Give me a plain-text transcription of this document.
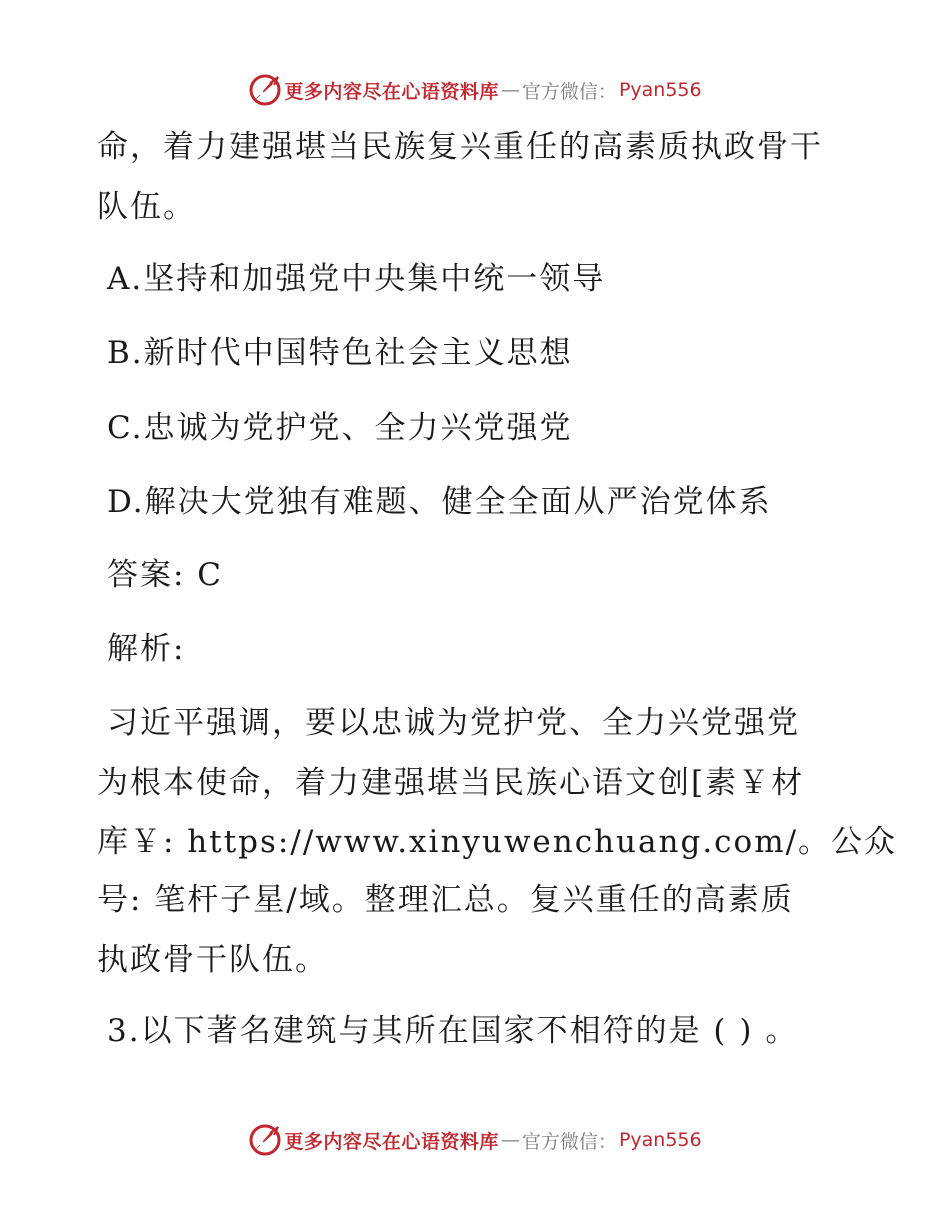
更多内容尽在心语资料库 — 官方微信： Pyan556
命，着力建强堪当民族复兴重任的高素质执政骨干
队伍。
A.坚持和加强党中央集中统一领导
B.新时代中国特色社会主义思想
C.忠诚为党护党、全力兴党强党
D.解决大党独有难题、健全全面从严治党体系
答案: C
解析:
习近平强调，要以忠诚为党护党、全力兴党强党
为根本使命，着力建强堪当民族心语文创[素￥材
库￥: https://www.xinyuwenchuang.com/。公众
号: 笔杆子星/域。整理汇总。复兴重任的高素质
执政骨干队伍。
3.以下著名建筑与其所在国家不相符的是 ( ) 。
更多内容尽在心语资料库 — 官方微信： Pyan556
